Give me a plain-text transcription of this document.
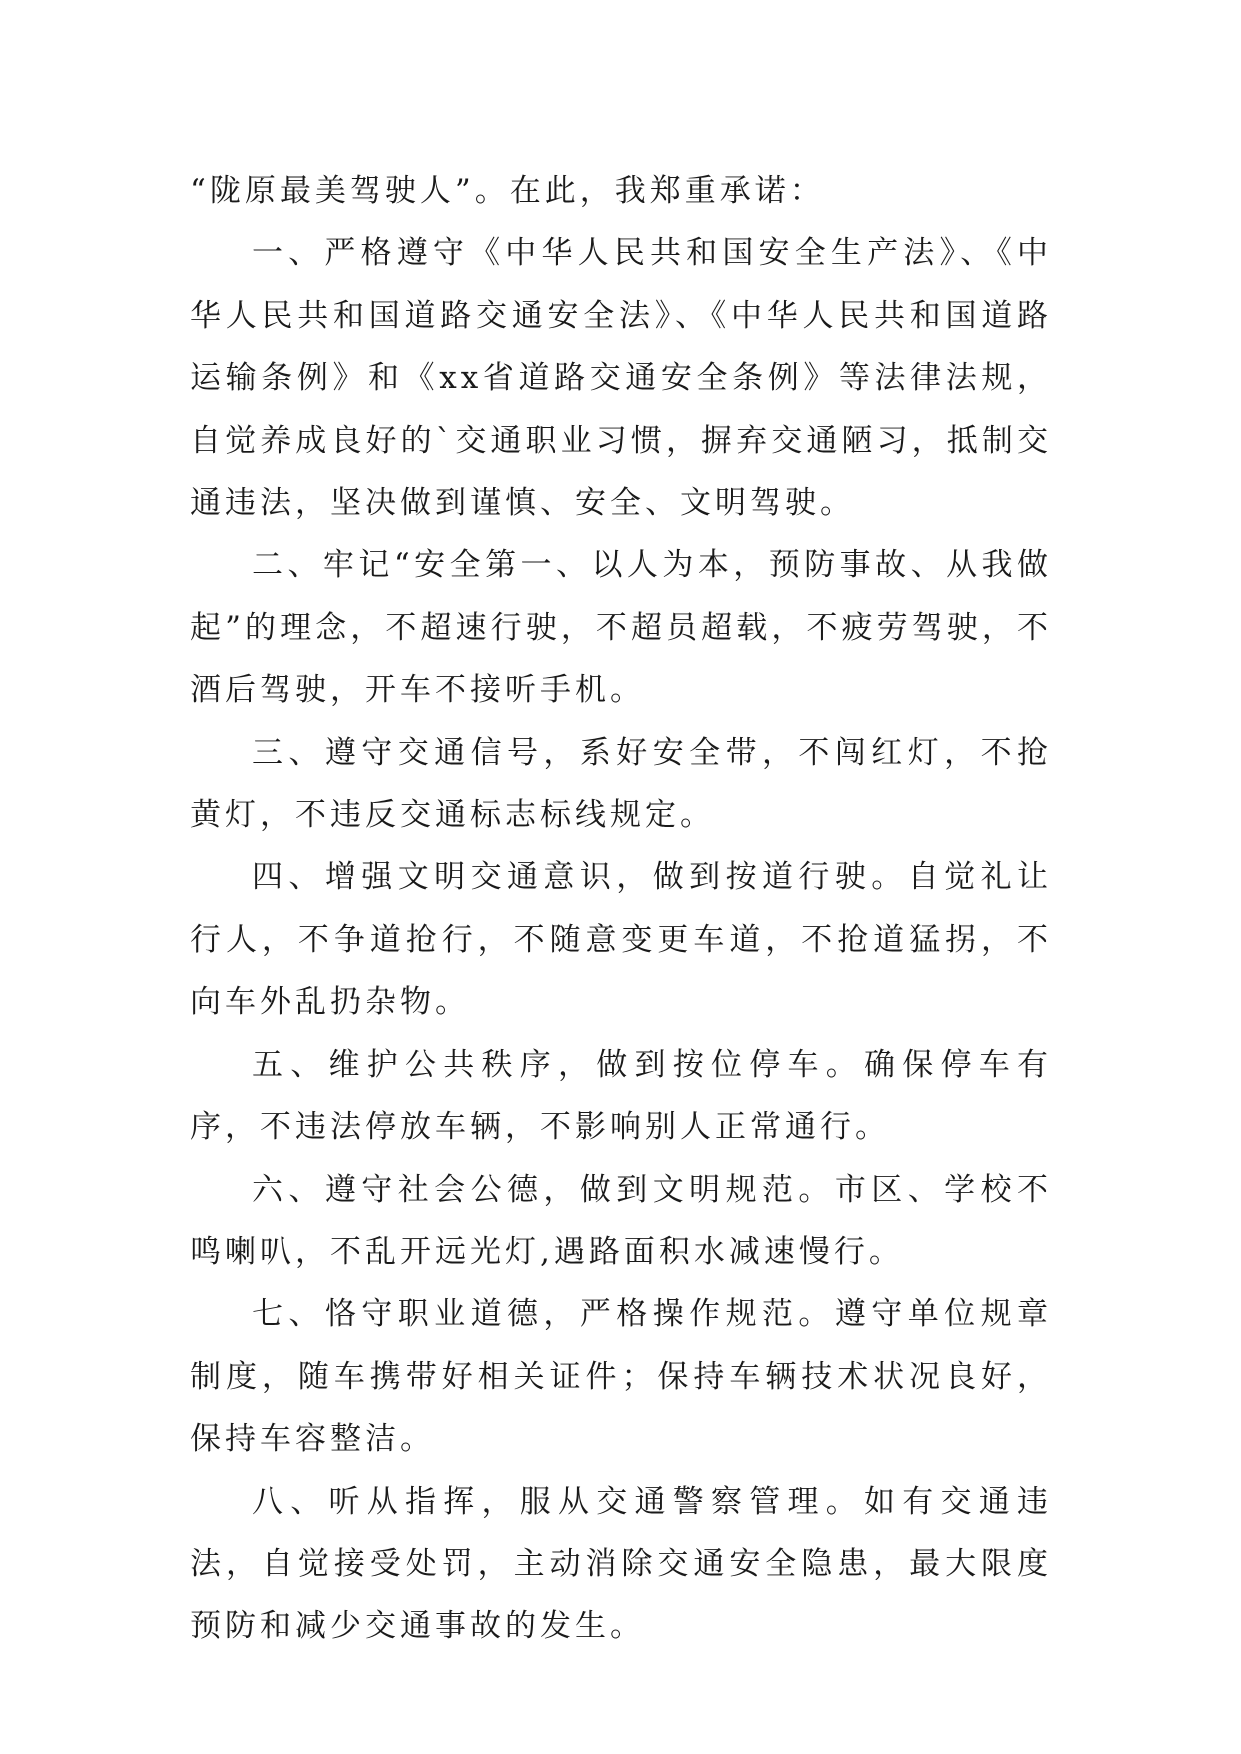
“陇原最美驾驶人”。在此，我郑重承诺：

一、严格遵守《中华人民共和国安全生产法》、《中华人民共和国道路交通安全法》、《中华人民共和国道路运输条例》和《xx省道路交通安全条例》等法律法规，自觉养成良好的`交通职业习惯，摒弃交通陋习，抵制交通违法，坚决做到谨慎、安全、文明驾驶。

二、牢记“安全第一、以人为本，预防事故、从我做起”的理念，不超速行驶，不超员超载，不疲劳驾驶，不酒后驾驶，开车不接听手机。

三、遵守交通信号，系好安全带，不闯红灯，不抢黄灯，不违反交通标志标线规定。

四、增强文明交通意识，做到按道行驶。自觉礼让行人，不争道抢行，不随意变更车道，不抢道猛拐，不向车外乱扔杂物。

五、维护公共秩序，做到按位停车。确保停车有序，不违法停放车辆，不影响别人正常通行。

六、遵守社会公德，做到文明规范。市区、学校不鸣喇叭，不乱开远光灯,遇路面积水减速慢行。

七、恪守职业道德，严格操作规范。遵守单位规章制度，随车携带好相关证件；保持车辆技术状况良好，保持车容整洁。

八、听从指挥，服从交通警察管理。如有交通违法，自觉接受处罚，主动消除交通安全隐患，最大限度预防和减少交通事故的发生。
